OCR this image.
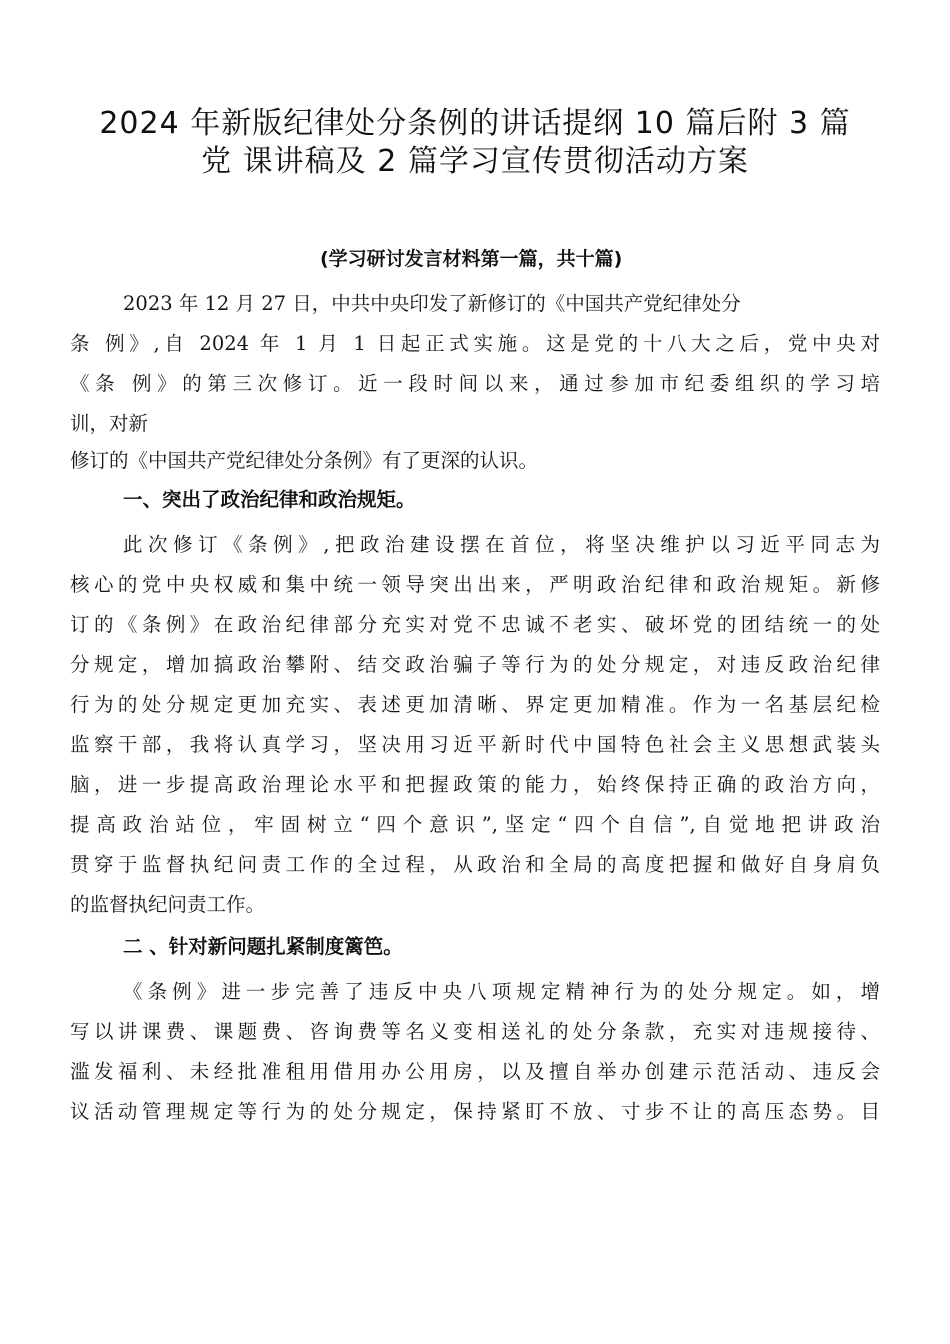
2024 年新版纪律处分条例的讲话提纲 10 篇后附 3 篇
党 课讲稿及 2 篇学习宣传贯彻活动方案
(学习研讨发言材料第一篇，共十篇)
2023 年 12 月 27 日，中共中央印发了新修订的《中国共产党纪律处分
条 例》,自 2024 年 1 月 1 日起正式实施。这是党的十八大之后，党中央对
《条 例》的第三次修订。近一段时间以来，通过参加市纪委组织的学习培
训，对新
修订的《中国共产党纪律处分条例》有了更深的认识。
一、突出了政治纪律和政治规矩。
此次修订《条例》,把政治建设摆在首位，将坚决维护以习近平同志为
核心的党中央权威和集中统一领导突出出来，严明政治纪律和政治规矩。新修
订的《条例》在政治纪律部分充实对党不忠诚不老实、破坏党的团结统一的处
分规定，增加搞政治攀附、结交政治骗子等行为的处分规定，对违反政治纪律
行为的处分规定更加充实、表述更加清晰、界定更加精准。作为一名基层纪检
监察干部，我将认真学习，坚决用习近平新时代中国特色社会主义思想武装头
脑，进一步提高政治理论水平和把握政策的能力，始终保持正确的政治方向，
提高政治站位，牢固树立“四个意识”,坚定“四个自信”,自觉地把讲政治
贯穿于监督执纪问责工作的全过程，从政治和全局的高度把握和做好自身肩负
的监督执纪问责工作。
二 、针对新问题扎紧制度篱笆。
《条例》进一步完善了违反中央八项规定精神行为的处分规定。如，增
写以讲课费、课题费、咨询费等名义变相送礼的处分条款，充实对违规接待、
滥发福利、未经批准租用借用办公用房，以及擅自举办创建示范活动、违反会
议活动管理规定等行为的处分规定，保持紧盯不放、寸步不让的高压态势。目
